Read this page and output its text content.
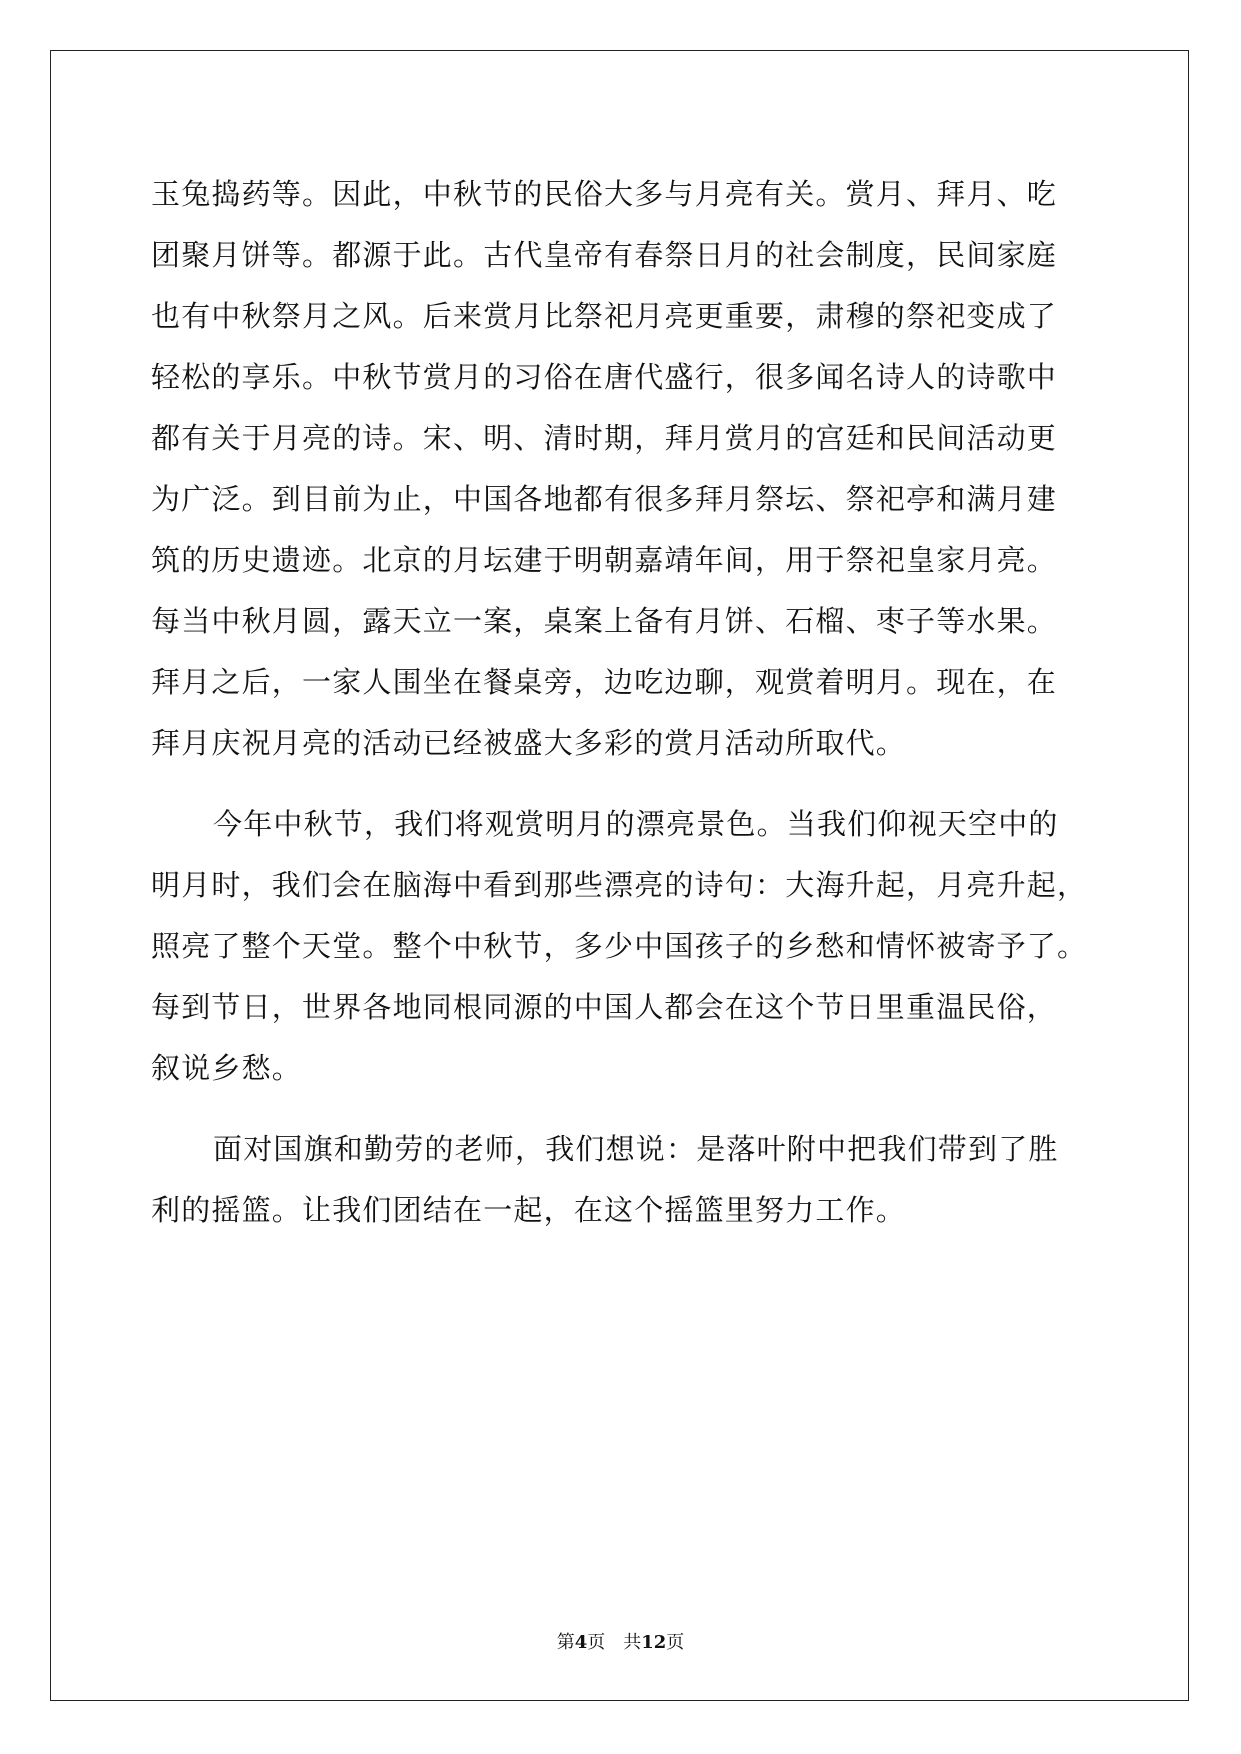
玉兔捣药等。因此，中秋节的民俗大多与月亮有关。赏月、拜月、吃
团聚月饼等。都源于此。古代皇帝有春祭日月的社会制度，民间家庭
也有中秋祭月之风。后来赏月比祭祀月亮更重要，肃穆的祭祀变成了
轻松的享乐。中秋节赏月的习俗在唐代盛行，很多闻名诗人的诗歌中
都有关于月亮的诗。宋、明、清时期，拜月赏月的宫廷和民间活动更
为广泛。到目前为止，中国各地都有很多拜月祭坛、祭祀亭和满月建
筑的历史遗迹。北京的月坛建于明朝嘉靖年间，用于祭祀皇家月亮。
每当中秋月圆，露天立一案，桌案上备有月饼、石榴、枣子等水果。
拜月之后，一家人围坐在餐桌旁，边吃边聊，观赏着明月。现在，在
拜月庆祝月亮的活动已经被盛大多彩的赏月活动所取代。
今年中秋节，我们将观赏明月的漂亮景色。当我们仰视天空中的
明月时，我们会在脑海中看到那些漂亮的诗句：大海升起，月亮升起，
照亮了整个天堂。整个中秋节，多少中国孩子的乡愁和情怀被寄予了。
每到节日，世界各地同根同源的中国人都会在这个节日里重温民俗，
叙说乡愁。
面对国旗和勤劳的老师，我们想说：是落叶附中把我们带到了胜
利的摇篮。让我们团结在一起，在这个摇篮里努力工作。
第4页 共12页
